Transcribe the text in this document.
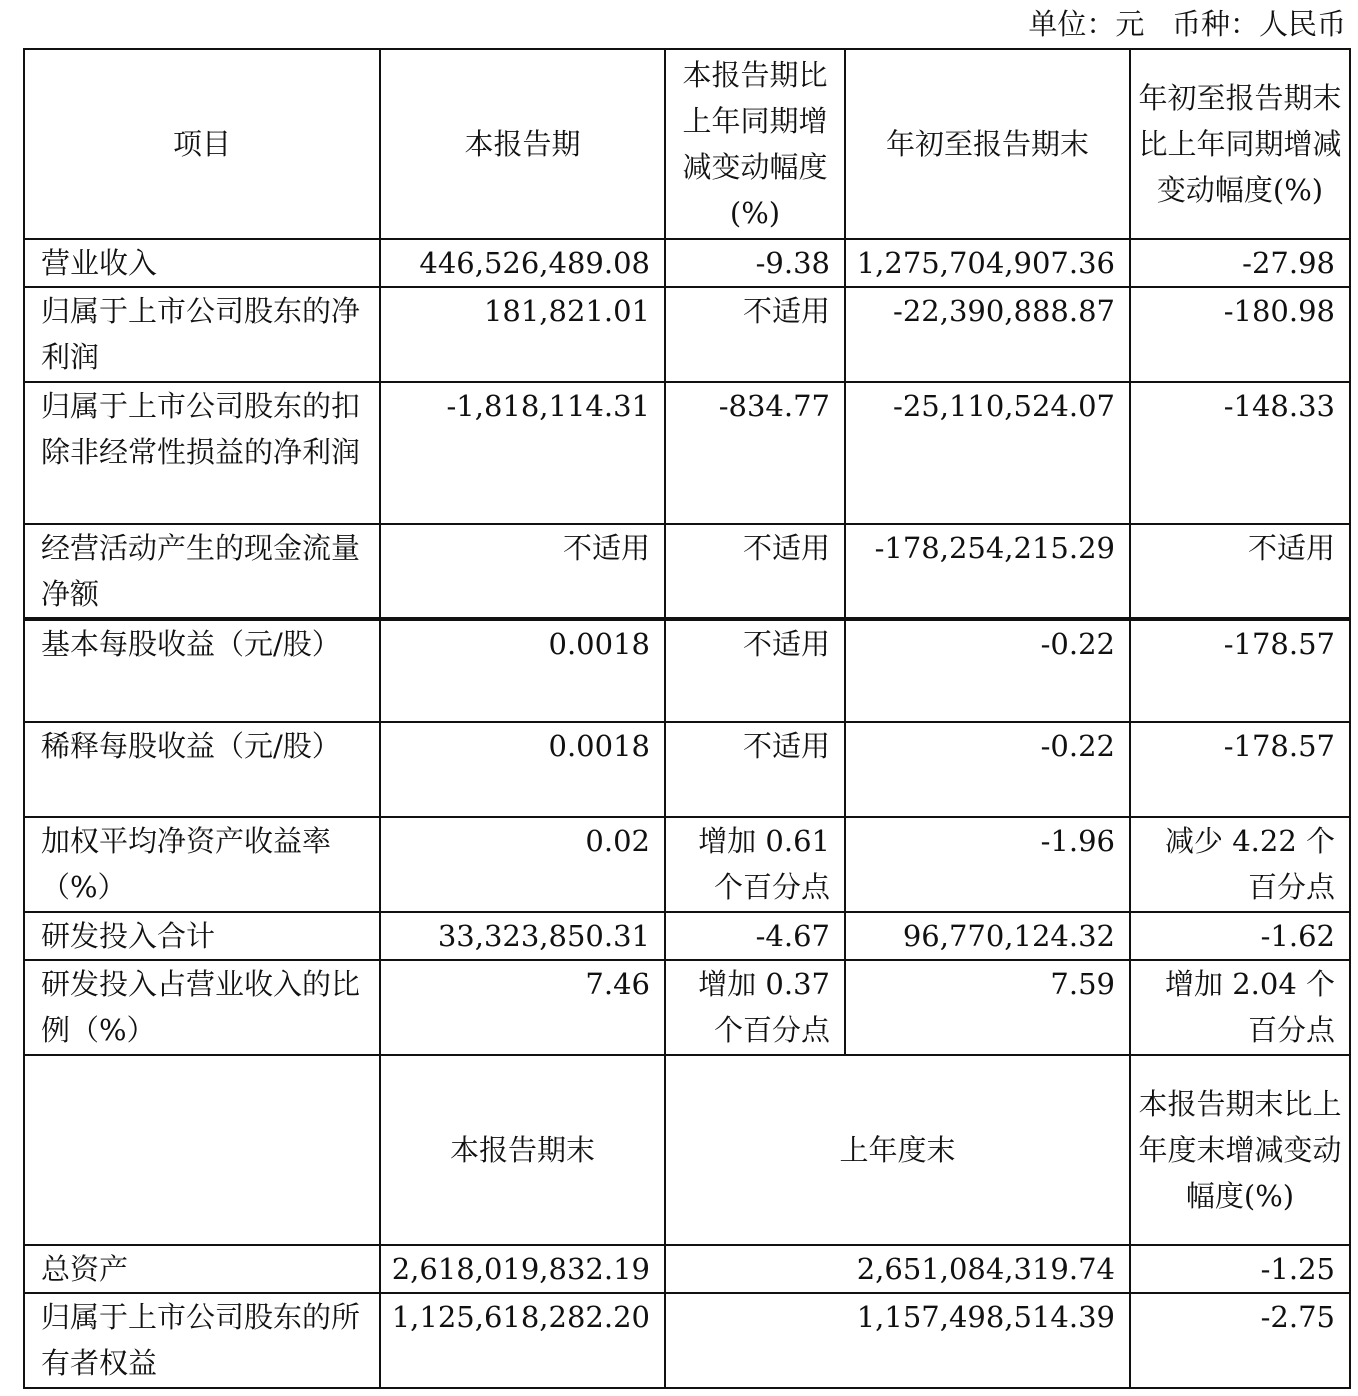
单位：元   币种：人民币
项目	本报告期	本报告期比上年同期增减变动幅度(%)	年初至报告期末	年初至报告期末比上年同期增减变动幅度(%)
营业收入	446,526,489.08	-9.38	1,275,704,907.36	-27.98
归属于上市公司股东的净利润	181,821.01	不适用	-22,390,888.87	-180.98
归属于上市公司股东的扣除非经常性损益的净利润	-1,818,114.31	-834.77	-25,110,524.07	-148.33
经营活动产生的现金流量净额	不适用	不适用	-178,254,215.29	不适用
基本每股收益（元/股）	0.0018	不适用	-0.22	-178.57
稀释每股收益（元/股）	0.0018	不适用	-0.22	-178.57
加权平均净资产收益率（%）	0.02	增加 0.61 个百分点	-1.96	减少 4.22 个百分点
研发投入合计	33,323,850.31	-4.67	96,770,124.32	-1.62
研发投入占营业收入的比例（%）	7.46	增加 0.37 个百分点	7.59	增加 2.04 个百分点
	本报告期末	上年度末		本报告期末比上年度末增减变动幅度(%)
总资产	2,618,019,832.19	2,651,084,319.74		-1.25
归属于上市公司股东的所有者权益	1,125,618,282.20	1,157,498,514.39		-2.75
